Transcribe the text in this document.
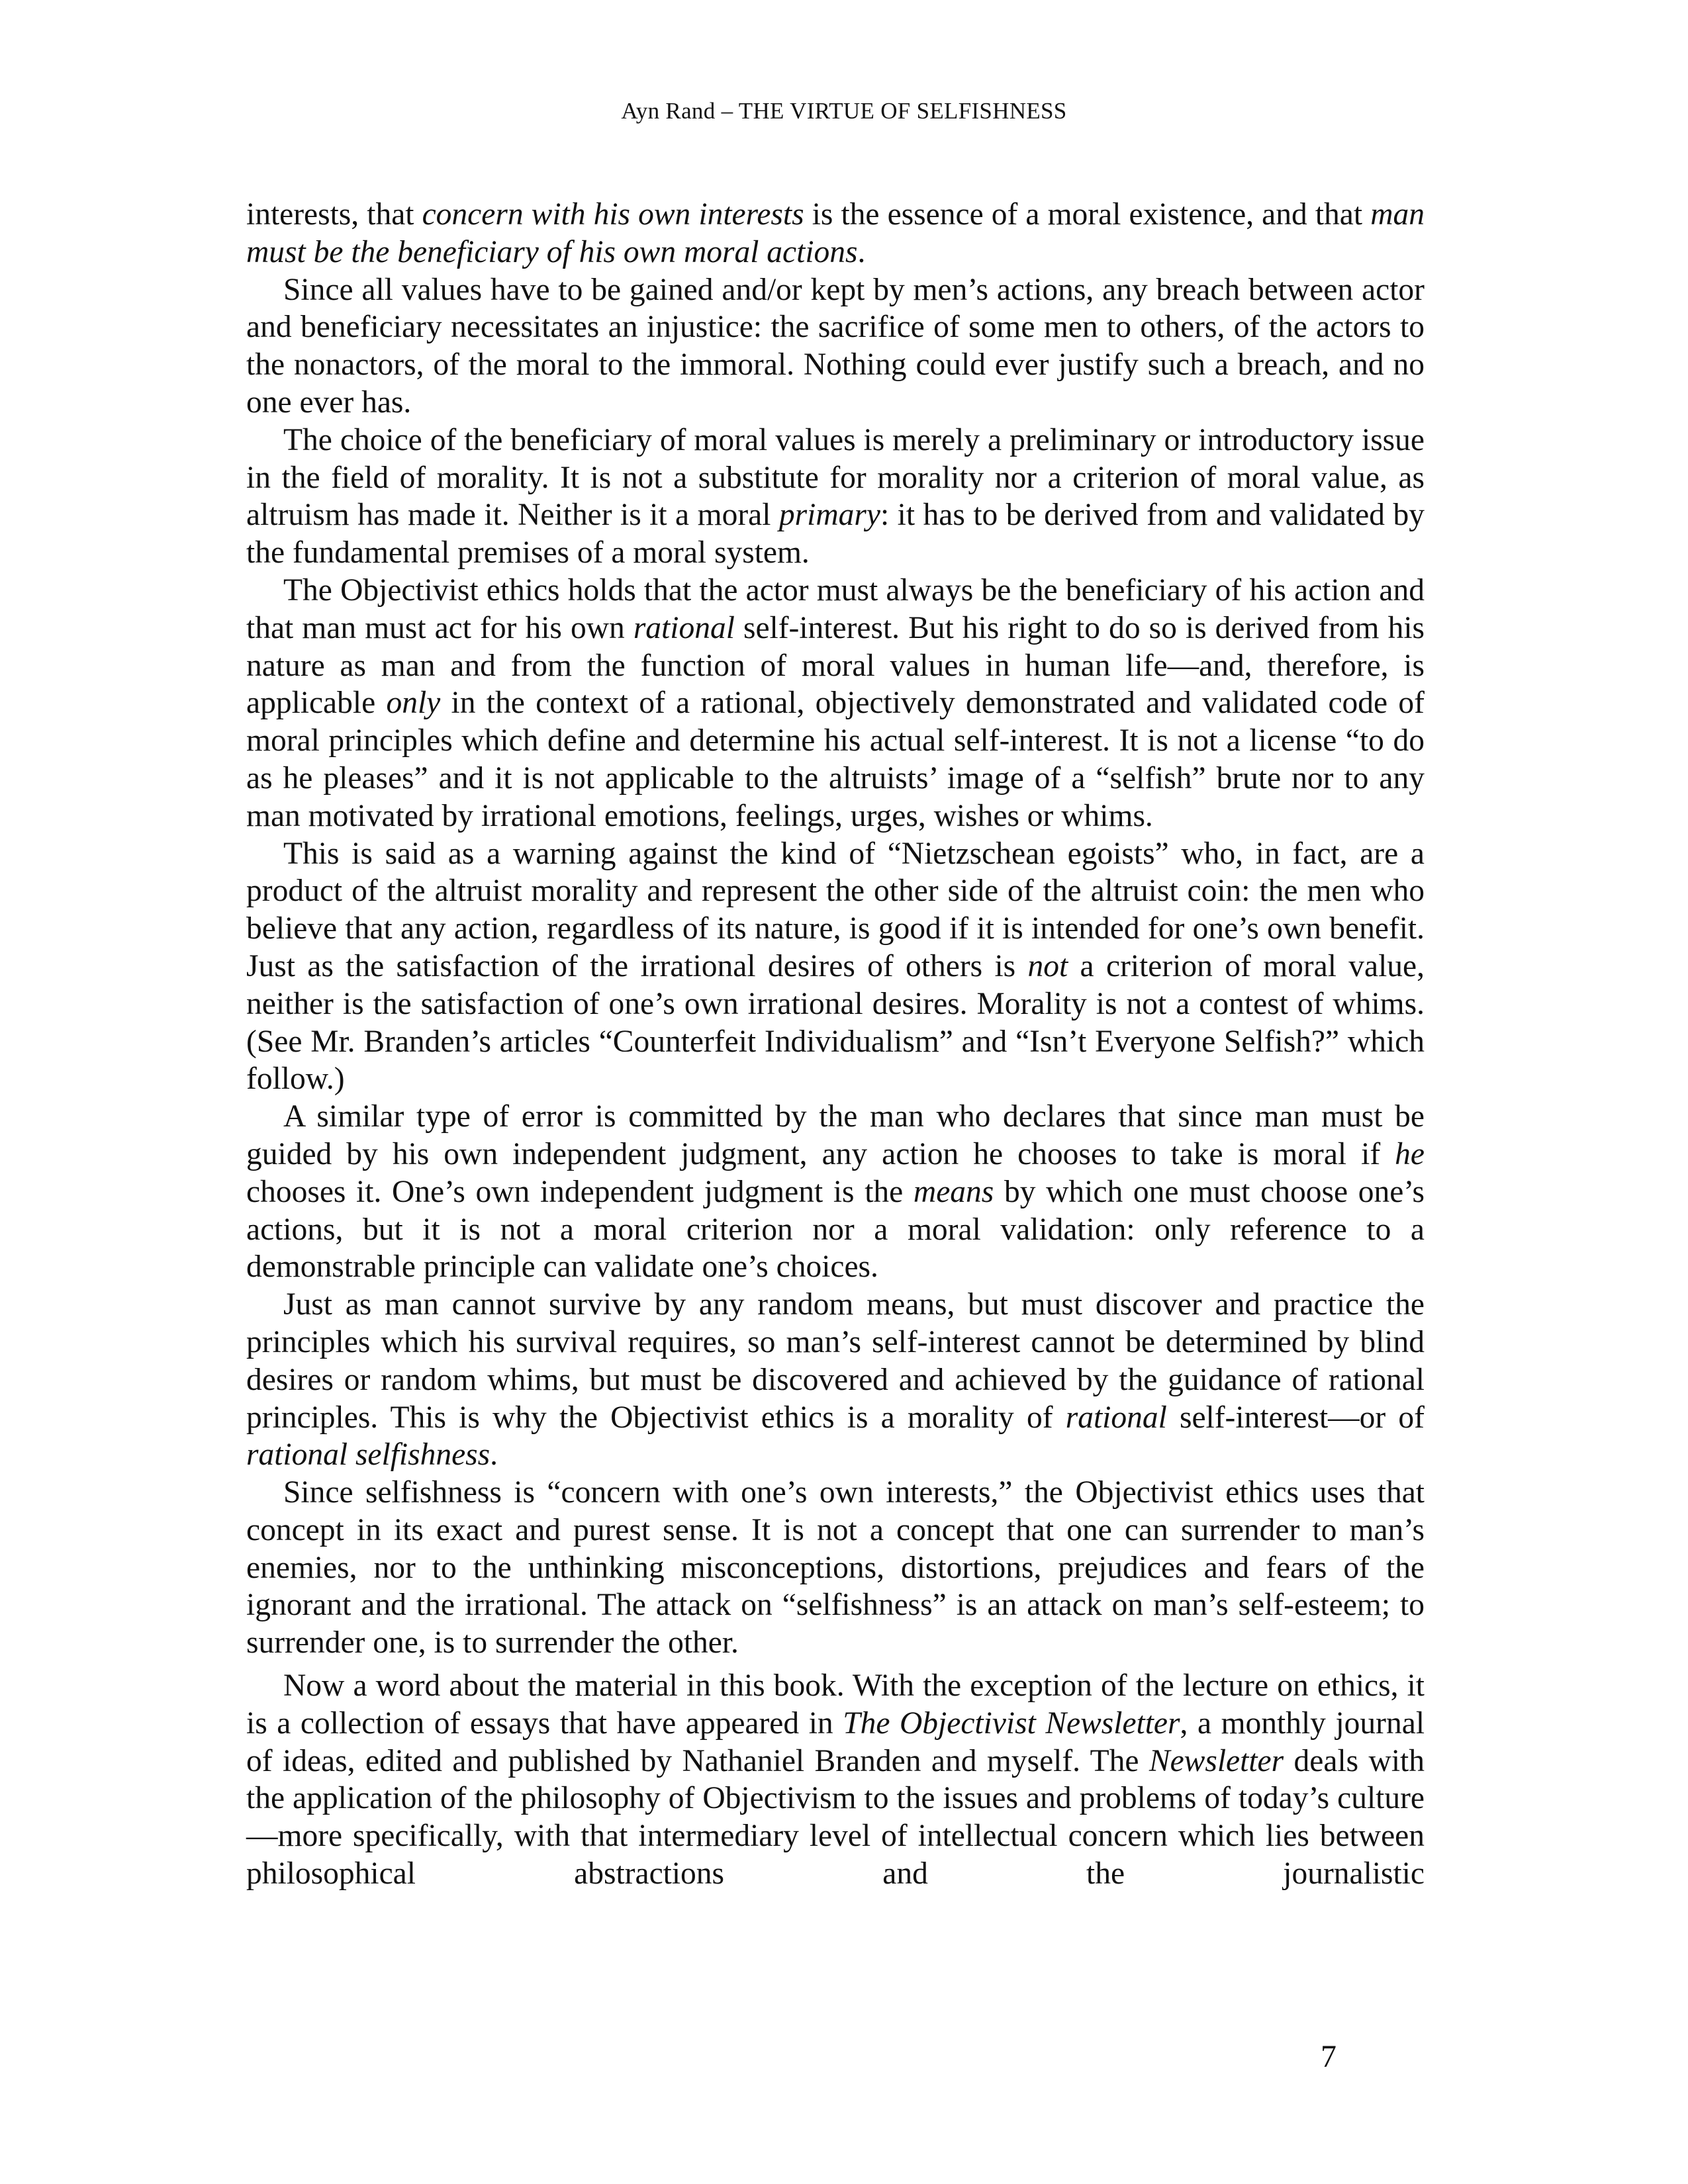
Ayn Rand – THE VIRTUE OF SELFISHNESS

interests, that concern with his own interests is the essence of a moral existence, and that man must be the beneficiary of his own moral actions.

Since all values have to be gained and/or kept by men’s actions, any breach between actor and beneficiary necessitates an injustice: the sacrifice of some men to others, of the actors to the nonactors, of the moral to the immoral. Nothing could ever justify such a breach, and no one ever has.

The choice of the beneficiary of moral values is merely a preliminary or introductory issue in the field of morality. It is not a substitute for morality nor a criterion of moral value, as altruism has made it. Neither is it a moral primary: it has to be derived from and validated by the fundamental premises of a moral system.

The Objectivist ethics holds that the actor must always be the beneficiary of his action and that man must act for his own rational self-interest. But his right to do so is derived from his nature as man and from the function of moral values in human life—and, therefore, is applicable only in the context of a rational, objectively demonstrated and validated code of moral principles which define and determine his actual self-interest. It is not a license “to do as he pleases” and it is not applicable to the altruists’ image of a “selfish” brute nor to any man motivated by irrational emotions, feelings, urges, wishes or whims.

This is said as a warning against the kind of “Nietzschean egoists” who, in fact, are a product of the altruist morality and represent the other side of the altruist coin: the men who believe that any action, regardless of its nature, is good if it is intended for one’s own benefit. Just as the satisfaction of the irrational desires of others is not a criterion of moral value, neither is the satisfaction of one’s own irrational desires. Morality is not a contest of whims. (See Mr. Branden’s articles “Counterfeit Individualism” and “Isn’t Everyone Selfish?” which follow.)

A similar type of error is committed by the man who declares that since man must be guided by his own independent judgment, any action he chooses to take is moral if he chooses it. One’s own independent judgment is the means by which one must choose one’s actions, but it is not a moral criterion nor a moral validation: only reference to a demonstrable principle can validate one’s choices.

Just as man cannot survive by any random means, but must discover and practice the principles which his survival requires, so man’s self-interest cannot be determined by blind desires or random whims, but must be discovered and achieved by the guidance of rational principles. This is why the Objectivist ethics is a morality of rational self-interest—or of rational selfishness.

Since selfishness is “concern with one’s own interests,” the Objectivist ethics uses that concept in its exact and purest sense. It is not a concept that one can surrender to man’s enemies, nor to the unthinking misconceptions, distortions, prejudices and fears of the ignorant and the irrational. The attack on “selfishness” is an attack on man’s self-esteem; to surrender one, is to surrender the other.

Now a word about the material in this book. With the exception of the lecture on ethics, it is a collection of essays that have appeared in The Objectivist Newsletter, a monthly journal of ideas, edited and published by Nathaniel Branden and myself. The Newsletter deals with the application of the philosophy of Objectivism to the issues and problems of today’s culture—more specifically, with that intermediary level of intellectual concern which lies between philosophical abstractions and the journalistic

7
